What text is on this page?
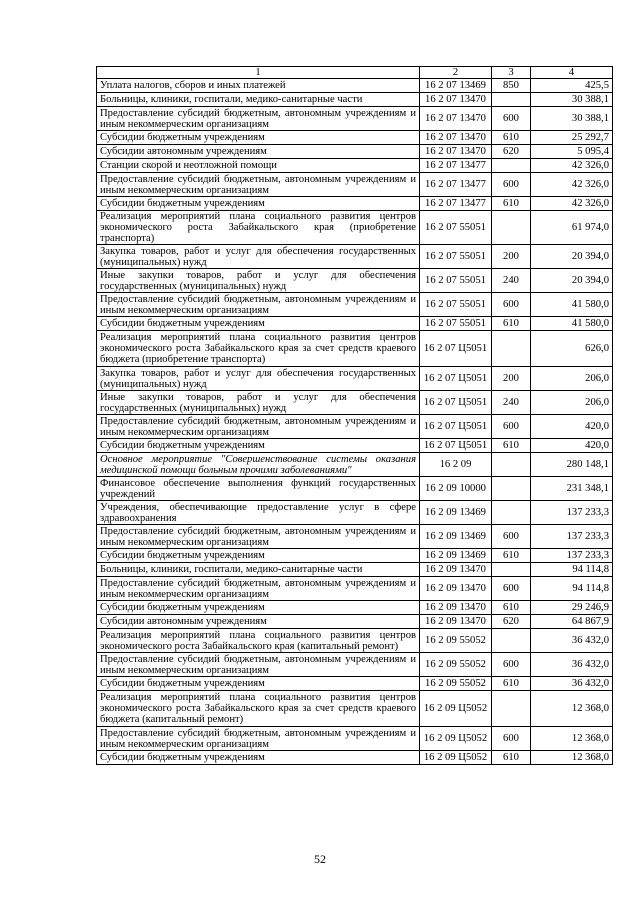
1	2	3	4
Уплата налогов, сборов и иных платежей	16 2 07 13469	850	425,5
Больницы, клиники, госпитали, медико-санитарные части	16 2 07 13470		30 388,1
Предоставление субсидий бюджетным, автономным учреждениям и иным некоммерческим организациям	16 2 07 13470	600	30 388,1
Субсидии бюджетным учреждениям	16 2 07 13470	610	25 292,7
Субсидии автономным учреждениям	16 2 07 13470	620	5 095,4
Станции скорой и неотложной помощи	16 2 07 13477		42 326,0
Предоставление субсидий бюджетным, автономным учреждениям и иным некоммерческим организациям	16 2 07 13477	600	42 326,0
Субсидии бюджетным учреждениям	16 2 07 13477	610	42 326,0
Реализация мероприятий плана социального развития центров экономического роста Забайкальского края (приобретение транспорта)	16 2 07 55051		61 974,0
Закупка товаров, работ и услуг для обеспечения государственных (муниципальных) нужд	16 2 07 55051	200	20 394,0
Иные закупки товаров, работ и услуг для обеспечения государственных (муниципальных) нужд	16 2 07 55051	240	20 394,0
Предоставление субсидий бюджетным, автономным учреждениям и иным некоммерческим организациям	16 2 07 55051	600	41 580,0
Субсидии бюджетным учреждениям	16 2 07 55051	610	41 580,0
Реализация мероприятий плана социального развития центров экономического роста Забайкальского края за счет средств краевого бюджета (приобретение транспорта)	16 2 07 Ц5051		626,0
Закупка товаров, работ и услуг для обеспечения государственных (муниципальных) нужд	16 2 07 Ц5051	200	206,0
Иные закупки товаров, работ и услуг для обеспечения государственных (муниципальных) нужд	16 2 07 Ц5051	240	206,0
Предоставление субсидий бюджетным, автономным учреждениям и иным некоммерческим организациям	16 2 07 Ц5051	600	420,0
Субсидии бюджетным учреждениям	16 2 07 Ц5051	610	420,0
Основное мероприятие "Совершенствование системы оказания медицинской помощи больным прочими заболеваниями"	16 2 09		280 148,1
Финансовое обеспечение выполнения функций государственных учреждений	16 2 09 10000		231 348,1
Учреждения, обеспечивающие предоставление услуг в сфере здравоохранения	16 2 09 13469		137 233,3
Предоставление субсидий бюджетным, автономным учреждениям и иным некоммерческим организациям	16 2 09 13469	600	137 233,3
Субсидии бюджетным учреждениям	16 2 09 13469	610	137 233,3
Больницы, клиники, госпитали, медико-санитарные части	16 2 09 13470		94 114,8
Предоставление субсидий бюджетным, автономным учреждениям и иным некоммерческим организациям	16 2 09 13470	600	94 114,8
Субсидии бюджетным учреждениям	16 2 09 13470	610	29 246,9
Субсидии автономным учреждениям	16 2 09 13470	620	64 867,9
Реализация мероприятий плана социального развития центров экономического роста Забайкальского края (капитальный ремонт)	16 2 09 55052		36 432,0
Предоставление субсидий бюджетным, автономным учреждениям и иным некоммерческим организациям	16 2 09 55052	600	36 432,0
Субсидии бюджетным учреждениям	16 2 09 55052	610	36 432,0
Реализация мероприятий плана социального развития центров экономического роста Забайкальского края за счет средств краевого бюджета (капитальный ремонт)	16 2 09 Ц5052		12 368,0
Предоставление субсидий бюджетным, автономным учреждениям и иным некоммерческим организациям	16 2 09 Ц5052	600	12 368,0
Субсидии бюджетным учреждениям	16 2 09 Ц5052	610	12 368,0
52
